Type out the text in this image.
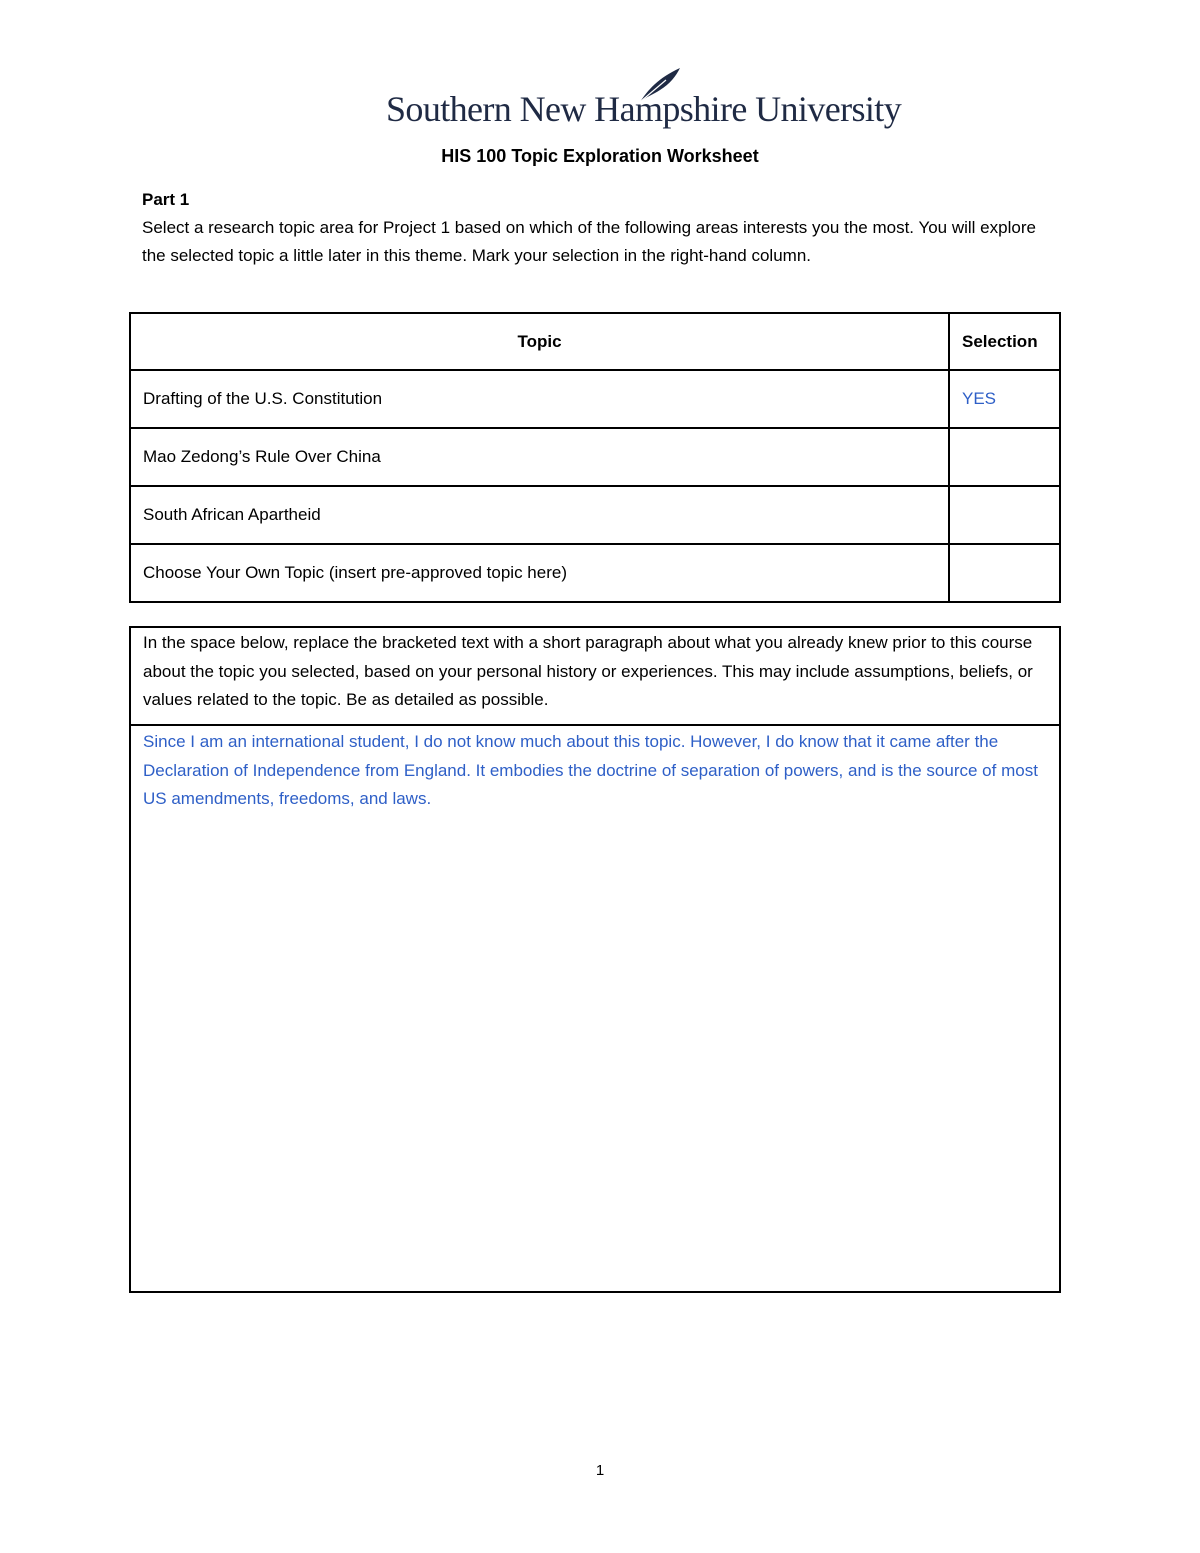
Southern New Hampshire University
HIS 100 Topic Exploration Worksheet
Part 1
Select a research topic area for Project 1 based on which of the following areas interests you the most. You will explore the selected topic a little later in this theme. Mark your selection in the right-hand column.
Topic	Selection
Drafting of the U.S. Constitution	YES
Mao Zedong’s Rule Over China	
South African Apartheid	
Choose Your Own Topic (insert pre-approved topic here)	
In the space below, replace the bracketed text with a short paragraph about what you already knew prior to this course about the topic you selected, based on your personal history or experiences. This may include assumptions, beliefs, or values related to the topic. Be as detailed as possible.
Since I am an international student, I do not know much about this topic. However, I do know that it came after the Declaration of Independence from England. It embodies the doctrine of separation of powers, and is the source of most US amendments, freedoms, and laws.
1
